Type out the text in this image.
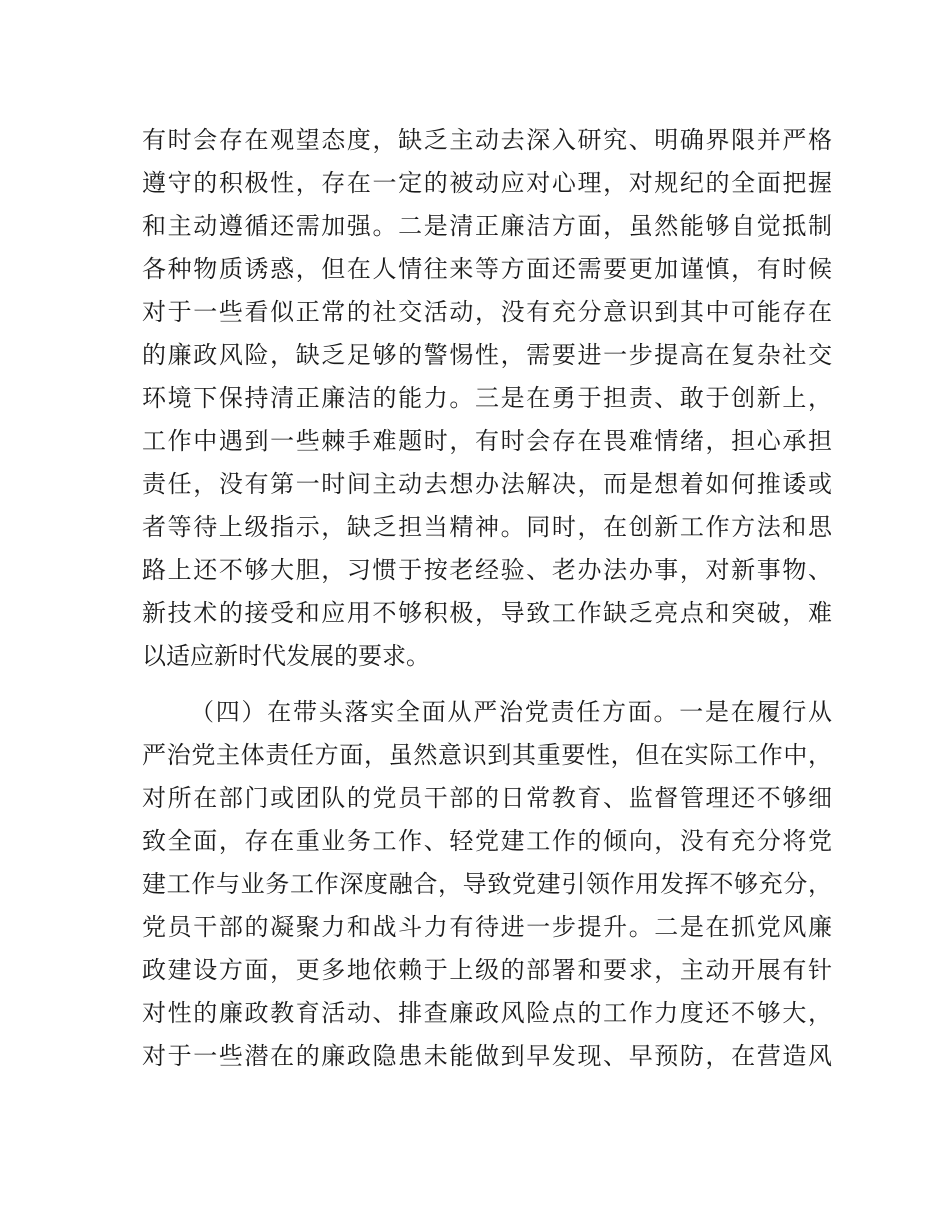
有时会存在观望态度，缺乏主动去深入研究、明确界限并严格
遵守的积极性，存在一定的被动应对心理，对规纪的全面把握
和主动遵循还需加强。二是清正廉洁方面，虽然能够自觉抵制
各种物质诱惑，但在人情往来等方面还需要更加谨慎，有时候
对于一些看似正常的社交活动，没有充分意识到其中可能存在
的廉政风险，缺乏足够的警惕性，需要进一步提高在复杂社交
环境下保持清正廉洁的能力。三是在勇于担责、敢于创新上，
工作中遇到一些棘手难题时，有时会存在畏难情绪，担心承担
责任，没有第一时间主动去想办法解决，而是想着如何推诿或
者等待上级指示，缺乏担当精神。同时，在创新工作方法和思
路上还不够大胆，习惯于按老经验、老办法办事，对新事物、
新技术的接受和应用不够积极，导致工作缺乏亮点和突破，难
以适应新时代发展的要求。
（四）在带头落实全面从严治党责任方面。一是在履行从
严治党主体责任方面，虽然意识到其重要性，但在实际工作中，
对所在部门或团队的党员干部的日常教育、监督管理还不够细
致全面，存在重业务工作、轻党建工作的倾向，没有充分将党
建工作与业务工作深度融合，导致党建引领作用发挥不够充分，
党员干部的凝聚力和战斗力有待进一步提升。二是在抓党风廉
政建设方面，更多地依赖于上级的部署和要求，主动开展有针
对性的廉政教育活动、排查廉政风险点的工作力度还不够大，
对于一些潜在的廉政隐患未能做到早发现、早预防，在营造风
